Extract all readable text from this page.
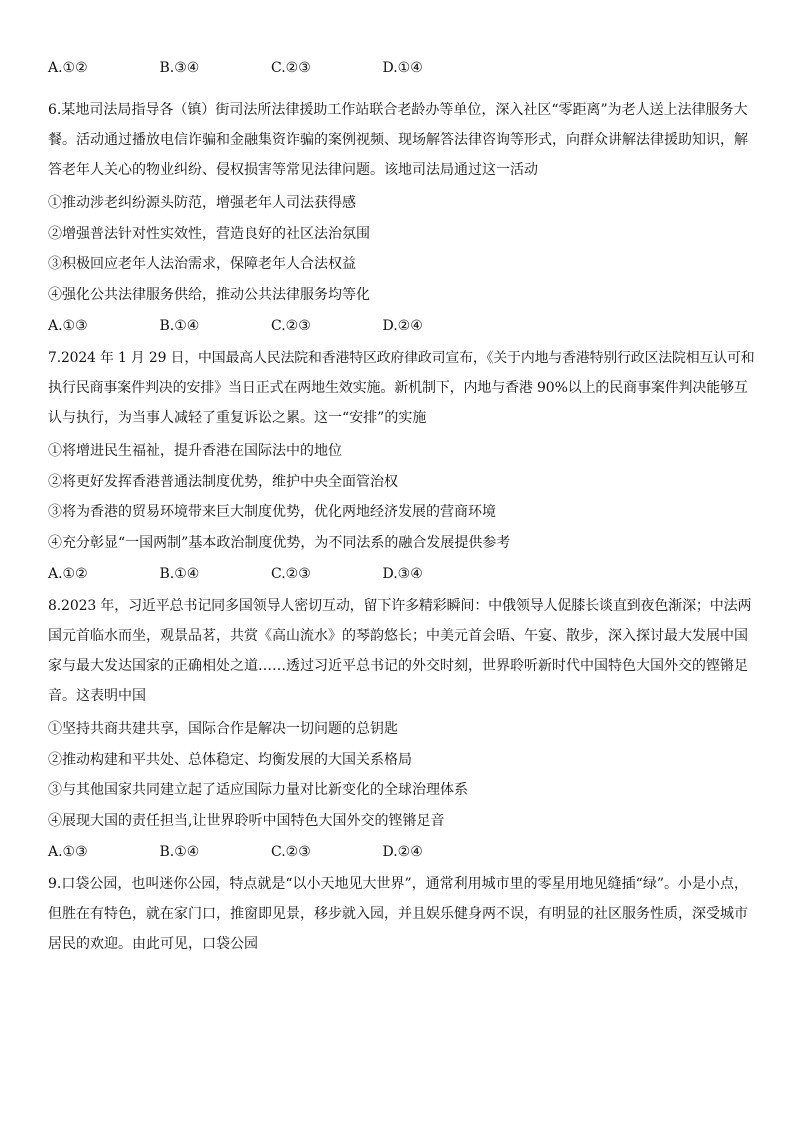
A.①②	B.③④	C.②③	D.①④
6.某地司法局指导各（镇）街司法所法律援助工作站联合老龄办等单位，深入社区“零距离”为老人送上法律服务大
餐。活动通过播放电信诈骗和金融集资诈骗的案例视频、现场解答法律咨询等形式，向群众讲解法律援助知识，解
答老年人关心的物业纠纷、侵权损害等常见法律问题。该地司法局通过这一活动
①推动涉老纠纷源头防范，增强老年人司法获得感
②增强普法针对性实效性，营造良好的社区法治氛围
③积极回应老年人法治需求，保障老年人合法权益
④强化公共法律服务供给，推动公共法律服务均等化
A.①③	B.①④	C.②③	D.②④
7.2024 年 1 月 29 日，中国最高人民法院和香港特区政府律政司宣布，《关于内地与香港特别行政区法院相互认可和
执行民商事案件判决的安排》当日正式在两地生效实施。新机制下，内地与香港 90%以上的民商事案件判决能够互
认与执行，为当事人减轻了重复诉讼之累。这一“安排”的实施
①将增进民生福祉，提升香港在国际法中的地位
②将更好发挥香港普通法制度优势，维护中央全面管治权
③将为香港的贸易环境带来巨大制度优势，优化两地经济发展的营商环境
④充分彰显“一国两制”基本政治制度优势，为不同法系的融合发展提供参考
A.①②	B.①④	C.②③	D.③④
8.2023 年，习近平总书记同多国领导人密切互动，留下许多精彩瞬间：中俄领导人促膝长谈直到夜色渐深；中法两
国元首临水而坐，观景品茗，共赏《高山流水》的琴韵悠长；中美元首会晤、午宴、散步，深入探讨最大发展中国
家与最大发达国家的正确相处之道……透过习近平总书记的外交时刻，世界聆听新时代中国特色大国外交的铿锵足
音。这表明中国
①坚持共商共建共享，国际合作是解决一切问题的总钥匙
②推动构建和平共处、总体稳定、均衡发展的大国关系格局
③与其他国家共同建立起了适应国际力量对比新变化的全球治理体系
④展现大国的责任担当,让世界聆听中国特色大国外交的铿锵足音
A.①③	B.①④	C.②③	D.②④
9.口袋公园，也叫迷你公园，特点就是“以小天地见大世界”，通常利用城市里的零星用地见缝插“绿”。小是小点，
但胜在有特色，就在家门口，推窗即见景，移步就入园，并且娱乐健身两不误，有明显的社区服务性质，深受城市
居民的欢迎。由此可见，口袋公园
